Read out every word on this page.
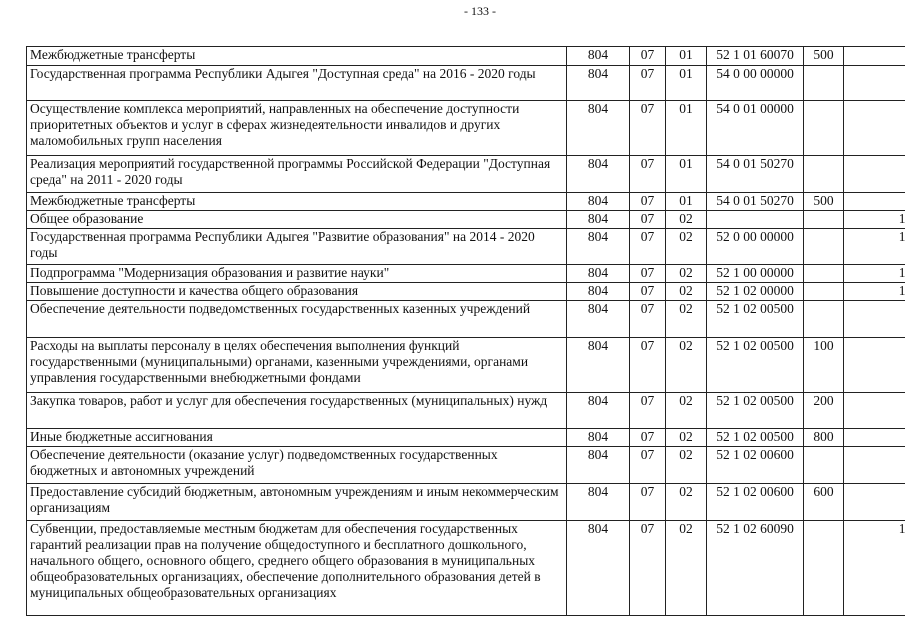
- 133 -
Межбюджетные трансферты	804	07	01	52 1 01 60070	500	
Государственная программа Республики Адыгея "Доступная среда" на 2016 - 2020 годы	804	07	01	54 0 00 00000		
Осуществление комплекса мероприятий, направленных на обеспечение доступности приоритетных объектов и услуг в сферах жизнедеятельности инвалидов и других маломобильных групп населения	804	07	01	54 0 01 00000		
Реализация мероприятий государственной программы Российской Федерации "Доступная среда" на 2011 - 2020 годы	804	07	01	54 0 01 50270		
Межбюджетные трансферты	804	07	01	54 0 01 50270	500	
Общее образование	804	07	02			1
Государственная программа Республики Адыгея "Развитие образования" на 2014 - 2020 годы	804	07	02	52 0 00 00000		1
Подпрограмма "Модернизация образования и развитие науки"	804	07	02	52 1 00 00000		1
Повышение доступности и качества общего образования	804	07	02	52 1 02 00000		1
Обеспечение деятельности подведомственных государственных казенных учреждений	804	07	02	52 1 02 00500		
Расходы на выплаты персоналу в целях обеспечения выполнения функций государственными (муниципальными) органами, казенными учреждениями, органами управления государственными внебюджетными фондами	804	07	02	52 1 02 00500	100	
Закупка товаров, работ и услуг для обеспечения государственных (муниципальных) нужд	804	07	02	52 1 02 00500	200	
Иные бюджетные ассигнования	804	07	02	52 1 02 00500	800	
Обеспечение деятельности (оказание услуг) подведомственных государственных бюджетных и автономных учреждений	804	07	02	52 1 02 00600		
Предоставление субсидий бюджетным, автономным учреждениям и иным некоммерческим организациям	804	07	02	52 1 02 00600	600	
Субвенции, предоставляемые местным бюджетам для обеспечения государственных гарантий реализации прав на получение общедоступного и бесплатного дошкольного, начального общего, основного общего, среднего общего образования в муниципальных общеобразовательных организациях, обеспечение дополнительного образования детей в муниципальных общеобразовательных организациях	804	07	02	52 1 02 60090		1
